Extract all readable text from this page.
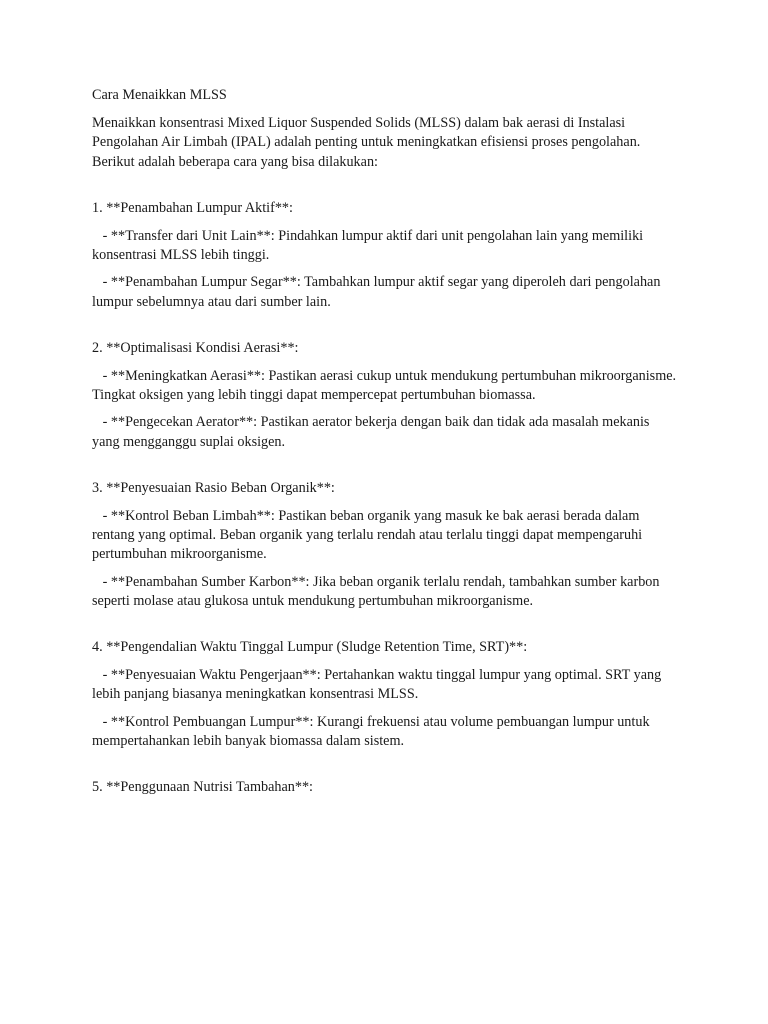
Cara Menaikkan MLSS

Menaikkan konsentrasi Mixed Liquor Suspended Solids (MLSS) dalam bak aerasi di Instalasi Pengolahan Air Limbah (IPAL) adalah penting untuk meningkatkan efisiensi proses pengolahan. Berikut adalah beberapa cara yang bisa dilakukan:

1. **Penambahan Lumpur Aktif**:

- **Transfer dari Unit Lain**: Pindahkan lumpur aktif dari unit pengolahan lain yang memiliki konsentrasi MLSS lebih tinggi.

- **Penambahan Lumpur Segar**: Tambahkan lumpur aktif segar yang diperoleh dari pengolahan lumpur sebelumnya atau dari sumber lain.

2. **Optimalisasi Kondisi Aerasi**:

- **Meningkatkan Aerasi**: Pastikan aerasi cukup untuk mendukung pertumbuhan mikroorganisme. Tingkat oksigen yang lebih tinggi dapat mempercepat pertumbuhan biomassa.

- **Pengecekan Aerator**: Pastikan aerator bekerja dengan baik dan tidak ada masalah mekanis yang mengganggu suplai oksigen.

3. **Penyesuaian Rasio Beban Organik**:

- **Kontrol Beban Limbah**: Pastikan beban organik yang masuk ke bak aerasi berada dalam rentang yang optimal. Beban organik yang terlalu rendah atau terlalu tinggi dapat mempengaruhi pertumbuhan mikroorganisme.

- **Penambahan Sumber Karbon**: Jika beban organik terlalu rendah, tambahkan sumber karbon seperti molase atau glukosa untuk mendukung pertumbuhan mikroorganisme.

4. **Pengendalian Waktu Tinggal Lumpur (Sludge Retention Time, SRT)**:

- **Penyesuaian Waktu Pengerjaan**: Pertahankan waktu tinggal lumpur yang optimal. SRT yang lebih panjang biasanya meningkatkan konsentrasi MLSS.

- **Kontrol Pembuangan Lumpur**: Kurangi frekuensi atau volume pembuangan lumpur untuk mempertahankan lebih banyak biomassa dalam sistem.

5. **Penggunaan Nutrisi Tambahan**:
